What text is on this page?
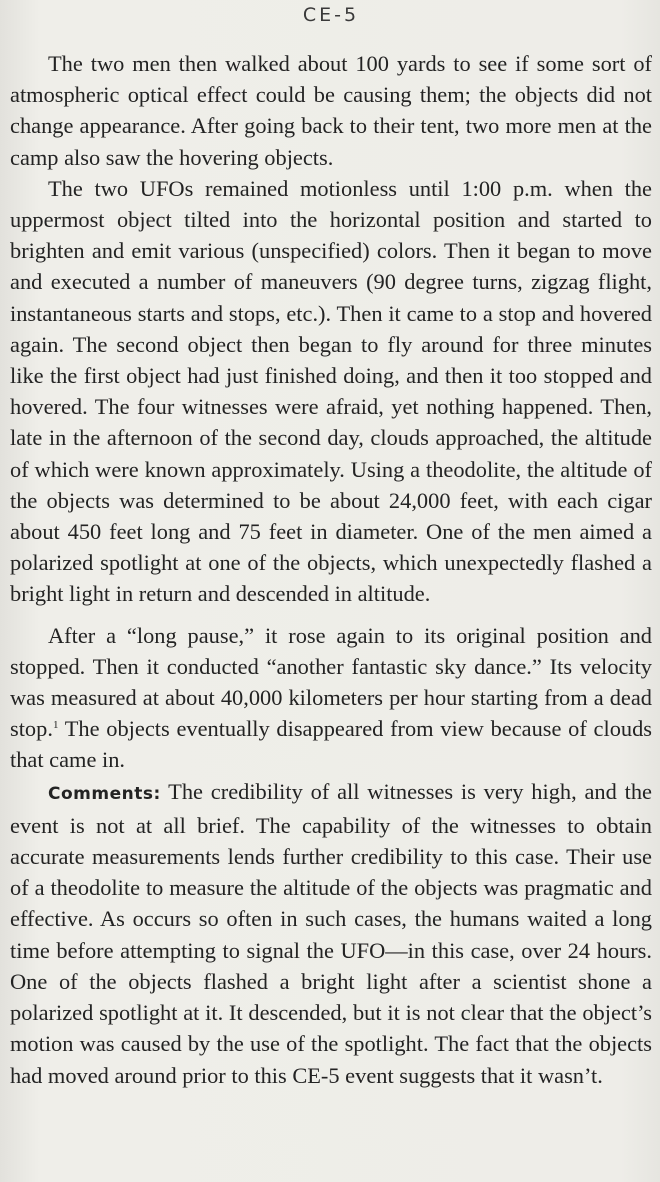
CE-5

The two men then walked about 100 yards to see if some sort of atmospheric optical effect could be causing them; the objects did not change appearance. After going back to their tent, two more men at the camp also saw the hovering objects.

The two UFOs remained motionless until 1:00 p.m. when the uppermost object tilted into the horizontal position and started to brighten and emit various (unspecified) colors. Then it began to move and executed a number of maneuvers (90 degree turns, zigzag flight, instantaneous starts and stops, etc.). Then it came to a stop and hovered again. The second object then began to fly around for three minutes like the first object had just finished doing, and then it too stopped and hovered. The four witnesses were afraid, yet nothing happened. Then, late in the afternoon of the second day, clouds approached, the altitude of which were known approximately. Using a theodolite, the altitude of the objects was determined to be about 24,000 feet, with each cigar about 450 feet long and 75 feet in diameter. One of the men aimed a polarized spotlight at one of the objects, which unexpectedly flashed a bright light in return and descended in altitude.

After a “long pause,” it rose again to its original position and stopped. Then it conducted “another fantastic sky dance.” Its velocity was measured at about 40,000 kilometers per hour starting from a dead stop.$^1$ The objects eventually disappeared from view because of clouds that came in.

Comments: The credibility of all witnesses is very high, and the event is not at all brief. The capability of the witnesses to obtain accurate measurements lends further credibility to this case. Their use of a theodolite to measure the altitude of the objects was pragmatic and effective. As occurs so often in such cases, the humans waited a long time before attempting to signal the UFO—in this case, over 24 hours. One of the objects flashed a bright light after a scientist shone a polarized spotlight at it. It descended, but it is not clear that the object’s motion was caused by the use of the spotlight. The fact that the objects had moved around prior to this CE-5 event suggests that it wasn’t.
